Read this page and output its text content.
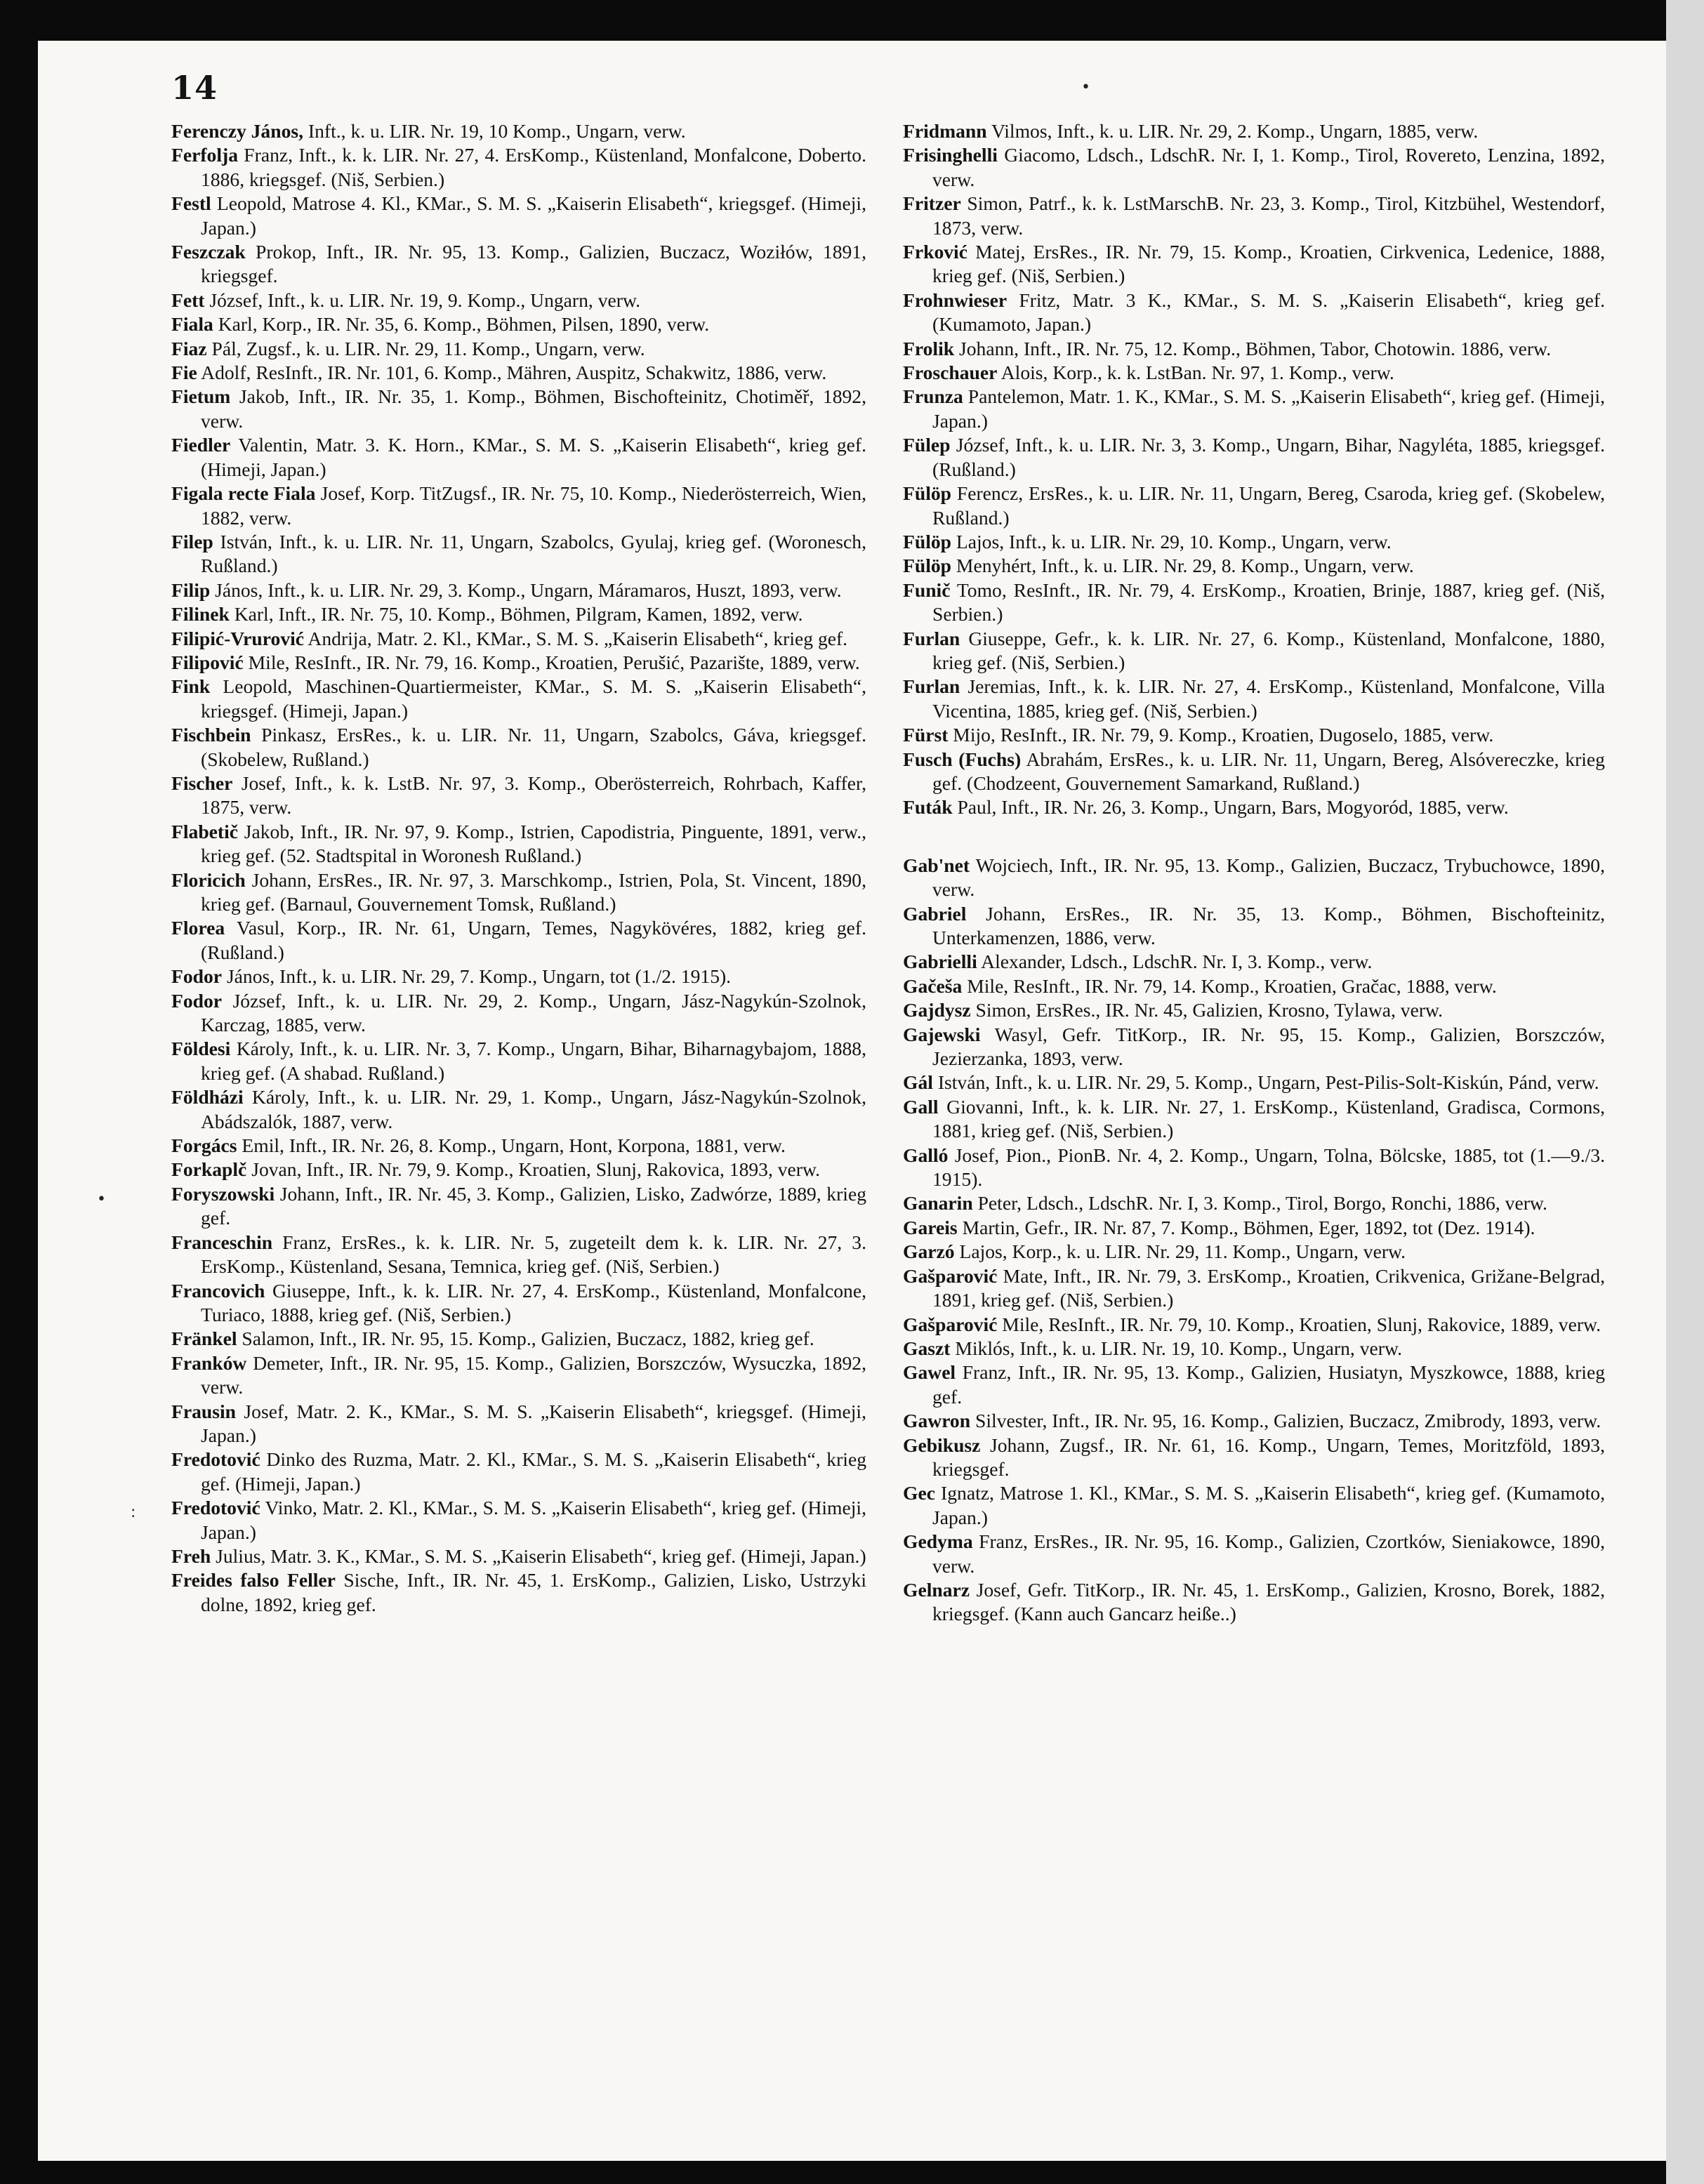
14

Ferenczy János, Inft., k. u. LIR. Nr. 19, 10 Komp., Ungarn, verw.

Ferfolja Franz, Inft., k. k. LIR. Nr. 27, 4. ErsKomp., Küstenland, Monfalcone, Doberto. 1886, kriegsgef. (Niš, Serbien.)

Festl Leopold, Matrose 4. Kl., KMar., S. M. S. „Kaiserin Elisabeth“, kriegsgef. (Himeji, Japan.)

Feszczak Prokop, Inft., IR. Nr. 95, 13. Komp., Galizien, Buczacz, Woziłów, 1891, kriegsgef.

Fett József, Inft., k. u. LIR. Nr. 19, 9. Komp., Ungarn, verw.

Fiala Karl, Korp., IR. Nr. 35, 6. Komp., Böhmen, Pilsen, 1890, verw.

Fiaz Pál, Zugsf., k. u. LIR. Nr. 29, 11. Komp., Ungarn, verw.

Fie Adolf, ResInft., IR. Nr. 101, 6. Komp., Mähren, Auspitz, Schakwitz, 1886, verw.

Fietum Jakob, Inft., IR. Nr. 35, 1. Komp., Böhmen, Bischofteinitz, Chotiměř, 1892, verw.

Fiedler Valentin, Matr. 3. K. Horn., KMar., S. M. S. „Kaiserin Elisabeth“, krieg gef. (Himeji, Japan.)

Figala recte Fiala Josef, Korp. TitZugsf., IR. Nr. 75, 10. Komp., Niederösterreich, Wien, 1882, verw.

Filep István, Inft., k. u. LIR. Nr. 11, Ungarn, Szabolcs, Gyulaj, krieg gef. (Woronesch, Rußland.)

Filip János, Inft., k. u. LIR. Nr. 29, 3. Komp., Ungarn, Máramaros, Huszt, 1893, verw.

Filinek Karl, Inft., IR. Nr. 75, 10. Komp., Böhmen, Pilgram, Kamen, 1892, verw.

Filipić-Vrurović Andrija, Matr. 2. Kl., KMar., S. M. S. „Kaiserin Elisabeth“, krieg gef.

Filipović Mile, ResInft., IR. Nr. 79, 16. Komp., Kroatien, Perušić, Pazarište, 1889, verw.

Fink Leopold, Maschinen-Quartiermeister, KMar., S. M. S. „Kaiserin Elisabeth“, kriegsgef. (Himeji, Japan.)

Fischbein Pinkasz, ErsRes., k. u. LIR. Nr. 11, Ungarn, Szabolcs, Gáva, kriegsgef. (Skobelew, Rußland.)

Fischer Josef, Inft., k. k. LstB. Nr. 97, 3. Komp., Oberösterreich, Rohrbach, Kaffer, 1875, verw.

Flabetič Jakob, Inft., IR. Nr. 97, 9. Komp., Istrien, Capodistria, Pinguente, 1891, verw., krieg gef. (52. Stadtspital in Woronesh Rußland.)

Floricich Johann, ErsRes., IR. Nr. 97, 3. Marschkomp., Istrien, Pola, St. Vincent, 1890, krieg gef. (Barnaul, Gouvernement Tomsk, Rußland.)

Florea Vasul, Korp., IR. Nr. 61, Ungarn, Temes, Nagykövéres, 1882, krieg gef. (Rußland.)

Fodor János, Inft., k. u. LIR. Nr. 29, 7. Komp., Ungarn, tot (1./2. 1915).

Fodor József, Inft., k. u. LIR. Nr. 29, 2. Komp., Ungarn, Jász-Nagykún-Szolnok, Karczag, 1885, verw.

Földesi Károly, Inft., k. u. LIR. Nr. 3, 7. Komp., Ungarn, Bihar, Biharnagybajom, 1888, krieg gef. (A shabad. Rußland.)

Földházi Károly, Inft., k. u. LIR. Nr. 29, 1. Komp., Ungarn, Jász-Nagykún-Szolnok, Abádszalók, 1887, verw.

Forgács Emil, Inft., IR. Nr. 26, 8. Komp., Ungarn, Hont, Korpona, 1881, verw.

Forkaplč Jovan, Inft., IR. Nr. 79, 9. Komp., Kroatien, Slunj, Rakovica, 1893, verw.

Foryszowski Johann, Inft., IR. Nr. 45, 3. Komp., Galizien, Lisko, Zadwórze, 1889, krieg gef.

Franceschin Franz, ErsRes., k. k. LIR. Nr. 5, zugeteilt dem k. k. LIR. Nr. 27, 3. ErsKomp., Küstenland, Sesana, Temnica, krieg gef. (Niš, Serbien.)

Francovich Giuseppe, Inft., k. k. LIR. Nr. 27, 4. ErsKomp., Küstenland, Monfalcone, Turiaco, 1888, krieg gef. (Niš, Serbien.)

Fränkel Salamon, Inft., IR. Nr. 95, 15. Komp., Galizien, Buczacz, 1882, krieg gef.

Franków Demeter, Inft., IR. Nr. 95, 15. Komp., Galizien, Borszczów, Wysuczka, 1892, verw.

Frausin Josef, Matr. 2. K., KMar., S. M. S. „Kaiserin Elisabeth“, kriegsgef. (Himeji, Japan.)

Fredotović Dinko des Ruzma, Matr. 2. Kl., KMar., S. M. S. „Kaiserin Elisabeth“, krieg gef. (Himeji, Japan.)

Fredotović Vinko, Matr. 2. Kl., KMar., S. M. S. „Kaiserin Elisabeth“, krieg gef. (Himeji, Japan.)

Freh Julius, Matr. 3. K., KMar., S. M. S. „Kaiserin Elisabeth“, krieg gef. (Himeji, Japan.)

Freides falso Feller Sische, Inft., IR. Nr. 45, 1. ErsKomp., Galizien, Lisko, Ustrzyki dolne, 1892, krieg gef.

Fridmann Vilmos, Inft., k. u. LIR. Nr. 29, 2. Komp., Ungarn, 1885, verw.

Frisinghelli Giacomo, Ldsch., LdschR. Nr. I, 1. Komp., Tirol, Rovereto, Lenzina, 1892, verw.

Fritzer Simon, Patrf., k. k. LstMarschB. Nr. 23, 3. Komp., Tirol, Kitzbühel, Westendorf, 1873, verw.

Frković Matej, ErsRes., IR. Nr. 79, 15. Komp., Kroatien, Cirkvenica, Ledenice, 1888, krieg gef. (Niš, Serbien.)

Frohnwieser Fritz, Matr. 3 K., KMar., S. M. S. „Kaiserin Elisabeth“, krieg gef. (Kumamoto, Japan.)

Frolik Johann, Inft., IR. Nr. 75, 12. Komp., Böhmen, Tabor, Chotowin. 1886, verw.

Froschauer Alois, Korp., k. k. LstBan. Nr. 97, 1. Komp., verw.

Frunza Pantelemon, Matr. 1. K., KMar., S. M. S. „Kaiserin Elisabeth“, krieg gef. (Himeji, Japan.)

Fülep József, Inft., k. u. LIR. Nr. 3, 3. Komp., Ungarn, Bihar, Nagyléta, 1885, kriegsgef. (Rußland.)

Fülöp Ferencz, ErsRes., k. u. LIR. Nr. 11, Ungarn, Bereg, Csaroda, krieg gef. (Skobelew, Rußland.)

Fülöp Lajos, Inft., k. u. LIR. Nr. 29, 10. Komp., Ungarn, verw.

Fülöp Menyhért, Inft., k. u. LIR. Nr. 29, 8. Komp., Ungarn, verw.

Funič Tomo, ResInft., IR. Nr. 79, 4. ErsKomp., Kroatien, Brinje, 1887, krieg gef. (Niš, Serbien.)

Furlan Giuseppe, Gefr., k. k. LIR. Nr. 27, 6. Komp., Küstenland, Monfalcone, 1880, krieg gef. (Niš, Serbien.)

Furlan Jeremias, Inft., k. k. LIR. Nr. 27, 4. ErsKomp., Küstenland, Monfalcone, Villa Vicentina, 1885, krieg gef. (Niš, Serbien.)

Fürst Mijo, ResInft., IR. Nr. 79, 9. Komp., Kroatien, Dugoselo, 1885, verw.

Fusch (Fuchs) Abrahám, ErsRes., k. u. LIR. Nr. 11, Ungarn, Bereg, Alsóvereczke, krieg gef. (Chodzeent, Gouvernement Samarkand, Rußland.)

Futák Paul, Inft., IR. Nr. 26, 3. Komp., Ungarn, Bars, Mogyoród, 1885, verw.

Gab'net Wojciech, Inft., IR. Nr. 95, 13. Komp., Galizien, Buczacz, Trybuchowce, 1890, verw.

Gabriel Johann, ErsRes., IR. Nr. 35, 13. Komp., Böhmen, Bischofteinitz, Unterkamenzen, 1886, verw.

Gabrielli Alexander, Ldsch., LdschR. Nr. I, 3. Komp., verw.

Gačeša Mile, ResInft., IR. Nr. 79, 14. Komp., Kroatien, Gračac, 1888, verw.

Gajdysz Simon, ErsRes., IR. Nr. 45, Galizien, Krosno, Tylawa, verw.

Gajewski Wasyl, Gefr. TitKorp., IR. Nr. 95, 15. Komp., Galizien, Borszczów, Jezierzanka, 1893, verw.

Gál István, Inft., k. u. LIR. Nr. 29, 5. Komp., Ungarn, Pest-Pilis-Solt-Kiskún, Pánd, verw.

Gall Giovanni, Inft., k. k. LIR. Nr. 27, 1. ErsKomp., Küstenland, Gradisca, Cormons, 1881, krieg gef. (Niš, Serbien.)

Galló Josef, Pion., PionB. Nr. 4, 2. Komp., Ungarn, Tolna, Bölcske, 1885, tot (1.—9./3. 1915).

Ganarin Peter, Ldsch., LdschR. Nr. I, 3. Komp., Tirol, Borgo, Ronchi, 1886, verw.

Gareis Martin, Gefr., IR. Nr. 87, 7. Komp., Böhmen, Eger, 1892, tot (Dez. 1914).

Garzó Lajos, Korp., k. u. LIR. Nr. 29, 11. Komp., Ungarn, verw.

Gašparović Mate, Inft., IR. Nr. 79, 3. ErsKomp., Kroatien, Crikvenica, Grižane-Belgrad, 1891, krieg gef. (Niš, Serbien.)

Gašparović Mile, ResInft., IR. Nr. 79, 10. Komp., Kroatien, Slunj, Rakovice, 1889, verw.

Gaszt Miklós, Inft., k. u. LIR. Nr. 19, 10. Komp., Ungarn, verw.

Gawel Franz, Inft., IR. Nr. 95, 13. Komp., Galizien, Husiatyn, Myszkowce, 1888, krieg gef.

Gawron Silvester, Inft., IR. Nr. 95, 16. Komp., Galizien, Buczacz, Zmibrody, 1893, verw.

Gebikusz Johann, Zugsf., IR. Nr. 61, 16. Komp., Ungarn, Temes, Moritzföld, 1893, kriegsgef.

Gec Ignatz, Matrose 1. Kl., KMar., S. M. S. „Kaiserin Elisabeth“, krieg gef. (Kumamoto, Japan.)

Gedyma Franz, ErsRes., IR. Nr. 95, 16. Komp., Galizien, Czortków, Sieniakowce, 1890, verw.

Gelnarz Josef, Gefr. TitKorp., IR. Nr. 45, 1. ErsKomp., Galizien, Krosno, Borek, 1882, kriegsgef. (Kann auch Gancarz heiße..)

•
:
•
